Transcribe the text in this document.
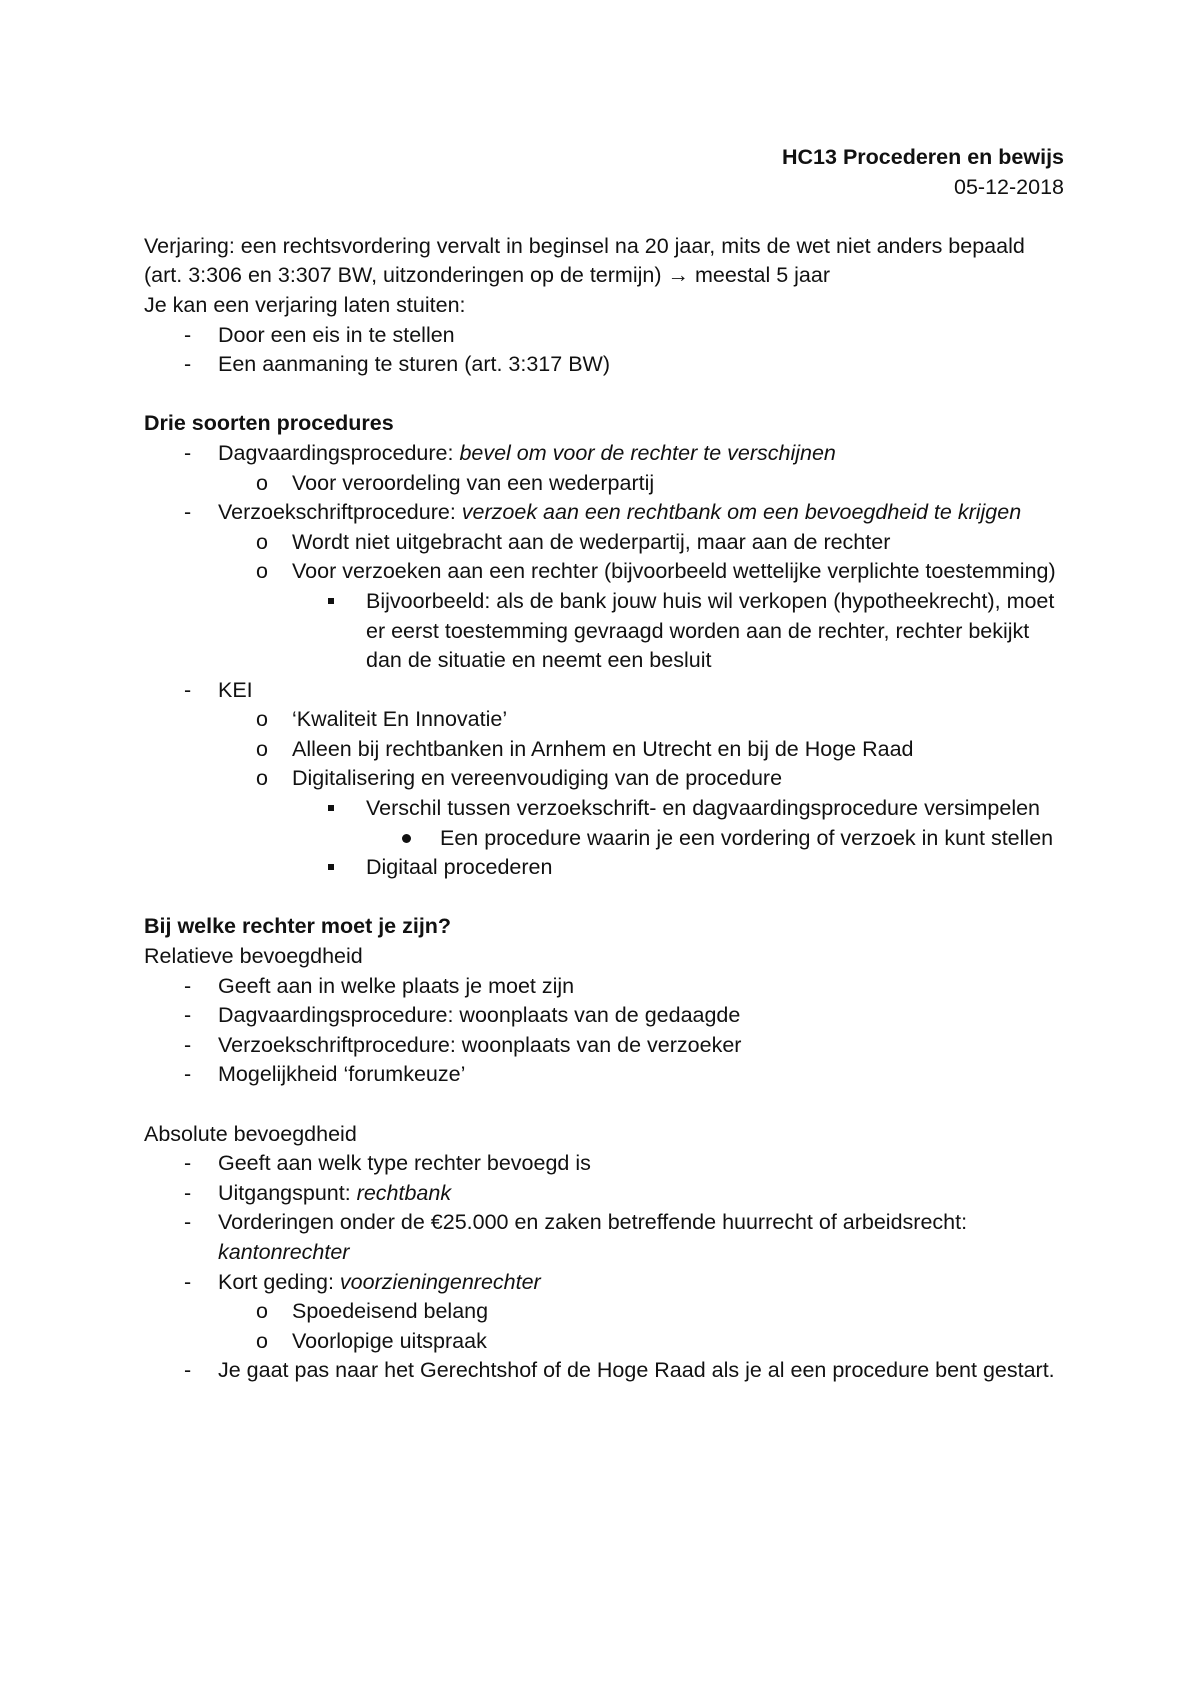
HC13 Procederen en bewijs

05-12-2018

Verjaring: een rechtsvordering vervalt in beginsel na 20 jaar, mits de wet niet anders bepaald

(art. 3:306 en 3:307 BW, uitzonderingen op de termijn) → meestal 5 jaar

Je kan een verjaring laten stuiten:

- Door een eis in te stellen
- Een aanmaning te sturen (art. 3:317 BW)

Drie soorten procedures

- Dagvaardingsprocedure: bevel om voor de rechter te verschijnen
o Voor veroordeling van een wederpartij
- Verzoekschriftprocedure: verzoek aan een rechtbank om een bevoegdheid te krijgen
o Wordt niet uitgebracht aan de wederpartij, maar aan de rechter
o Voor verzoeken aan een rechter (bijvoorbeeld wettelijke verplichte toestemming)
Bijvoorbeeld: als de bank jouw huis wil verkopen (hypotheekrecht), moet er eerst toestemming gevraagd worden aan de rechter, rechter bekijkt dan de situatie en neemt een besluit
- KEI
o ‘Kwaliteit En Innovatie’
o Alleen bij rechtbanken in Arnhem en Utrecht en bij de Hoge Raad
o Digitalisering en vereenvoudiging van de procedure
Verschil tussen verzoekschrift- en dagvaardingsprocedure versimpelen
Een procedure waarin je een vordering of verzoek in kunt stellen
Digitaal procederen

Bij welke rechter moet je zijn?

Relatieve bevoegdheid

- Geeft aan in welke plaats je moet zijn
- Dagvaardingsprocedure: woonplaats van de gedaagde
- Verzoekschriftprocedure: woonplaats van de verzoeker
- Mogelijkheid ‘forumkeuze’

Absolute bevoegdheid

- Geeft aan welk type rechter bevoegd is
- Uitgangspunt: rechtbank
- Vorderingen onder de €25.000 en zaken betreffende huurrecht of arbeidsrecht: kantonrechter
- Kort geding: voorzieningenrechter
o Spoedeisend belang
o Voorlopige uitspraak
- Je gaat pas naar het Gerechtshof of de Hoge Raad als je al een procedure bent gestart.
